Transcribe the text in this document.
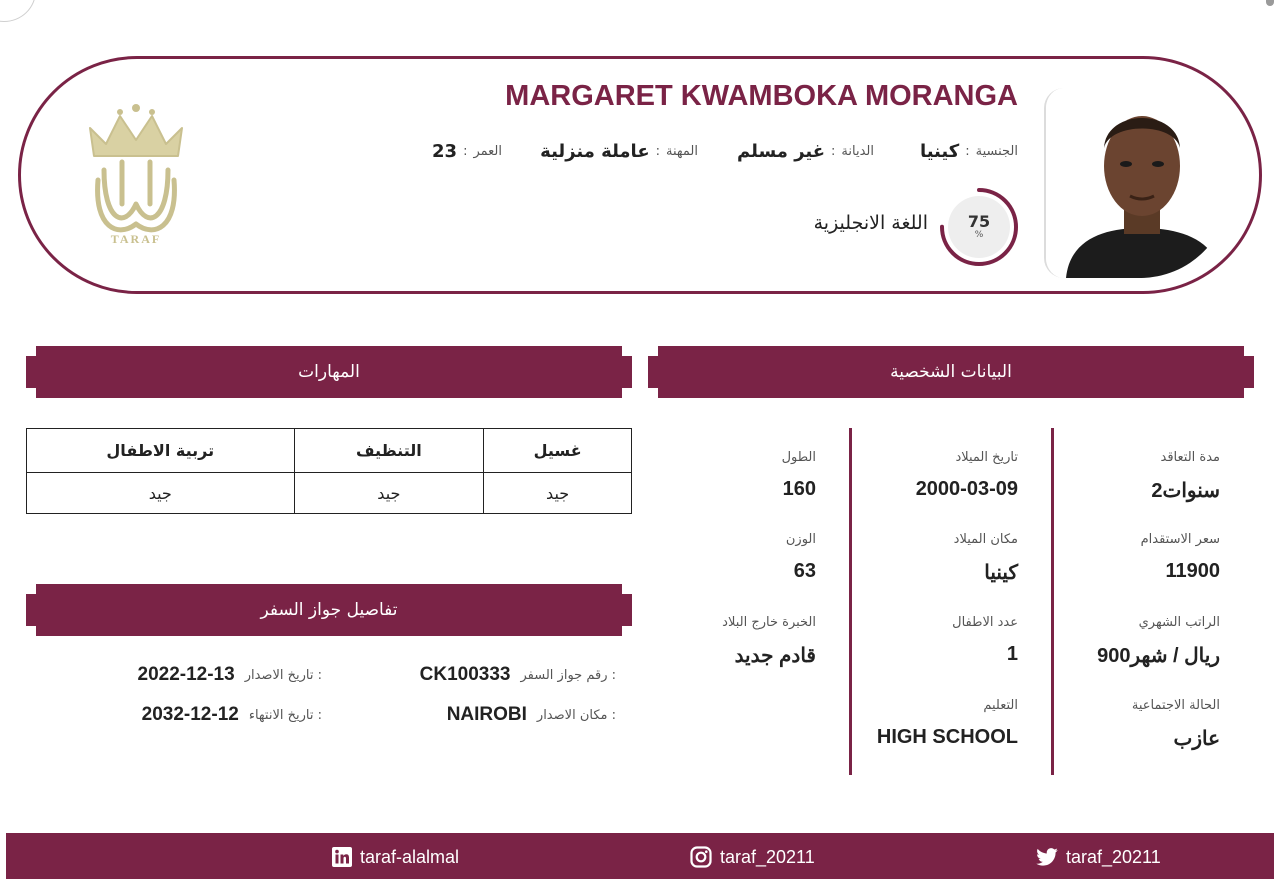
TARAF
MARGARET KWAMBOKA MORANGA
كينيا : الجنسية
غير مسلم : الديانة
عاملة منزلية : المهنة
23 : العمر
75
%
اللغة الانجليزية
المهارات	البيانات الشخصية
تربية الاطفال	التنظيف	غسيل
جيد	جيد	جيد
تفاصيل جواز السفر
CK100333 رقم جواز السفر :
2022-12-13 تاريخ الاصدار :
NAIROBI مكان الاصدار :
2032-12-12 تاريخ الانتهاء :
مدة التعاقد
2سنوات
سعر الاستقدام
11900
الراتب الشهري
900ريال / شهر
الحالة الاجتماعية
عازب
تاريخ الميلاد
2000-03-09
مكان الميلاد
كينيا
عدد الاطفال
1
التعليم
HIGH SCHOOL
الطول
160
الوزن
63
الخبرة خارج البلاد
قادم جديد
taraf-alalmal	taraf_20211	taraf_20211
